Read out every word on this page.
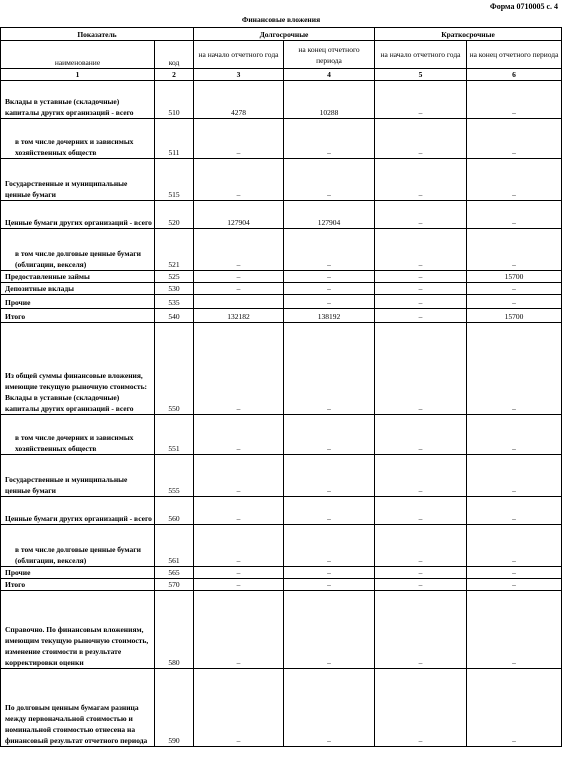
Форма 0710005 с. 4
Финансовые вложения
Показатель		Долгосрочные		Краткосрочные	
наименование	код	на начало отчетного года	на конец отчетного периода	на начало отчетного года	на конец отчетного периода
1	2	3	4	5	6
Вклады в уставные (складочные) капиталы других организаций - всего	510	4278	10288	–	–
в том числе дочерних и зависимых хозяйственных обществ	511	–	–	–	–
Государственные и муниципальные ценные бумаги	515	–	–	–	–
Ценные бумаги других организаций - всего	520	127904	127904	–	–
в том числе долговые ценные бумаги (облигации, векселя)	521	–	–	–	–
Предоставленные займы	525	–	–	–	15700
Депозитные вклады	530	–	–	–	–
Прочие	535		–	–	–
Итого	540	132182	138192	–	15700
Из общей суммы финансовые вложения, имеющие текущую рыночную стоимость: Вклады в уставные (складочные) капиталы других организаций - всего	550	–	–	–	–
в том числе дочерних и зависимых хозяйственных обществ	551	–	–	–	–
Государственные и муниципальные ценные бумаги	555	–	–	–	–
Ценные бумаги других организаций - всего	560	–	–	–	–
в том числе долговые ценные бумаги (облигации, векселя)	561	–	–	–	–
Прочие	565	–	–	–	–
Итого	570	–	–	–	–
Справочно. По финансовым вложениям, имеющим текущую рыночную стоимость, изменение стоимости в результате корректировки оценки	580	–	–	–	–
По долговым ценным бумагам разница между первоначальной стоимостью и номинальной стоимостью отнесена на финансовый результат отчетного периода	590	–	–	–	–
